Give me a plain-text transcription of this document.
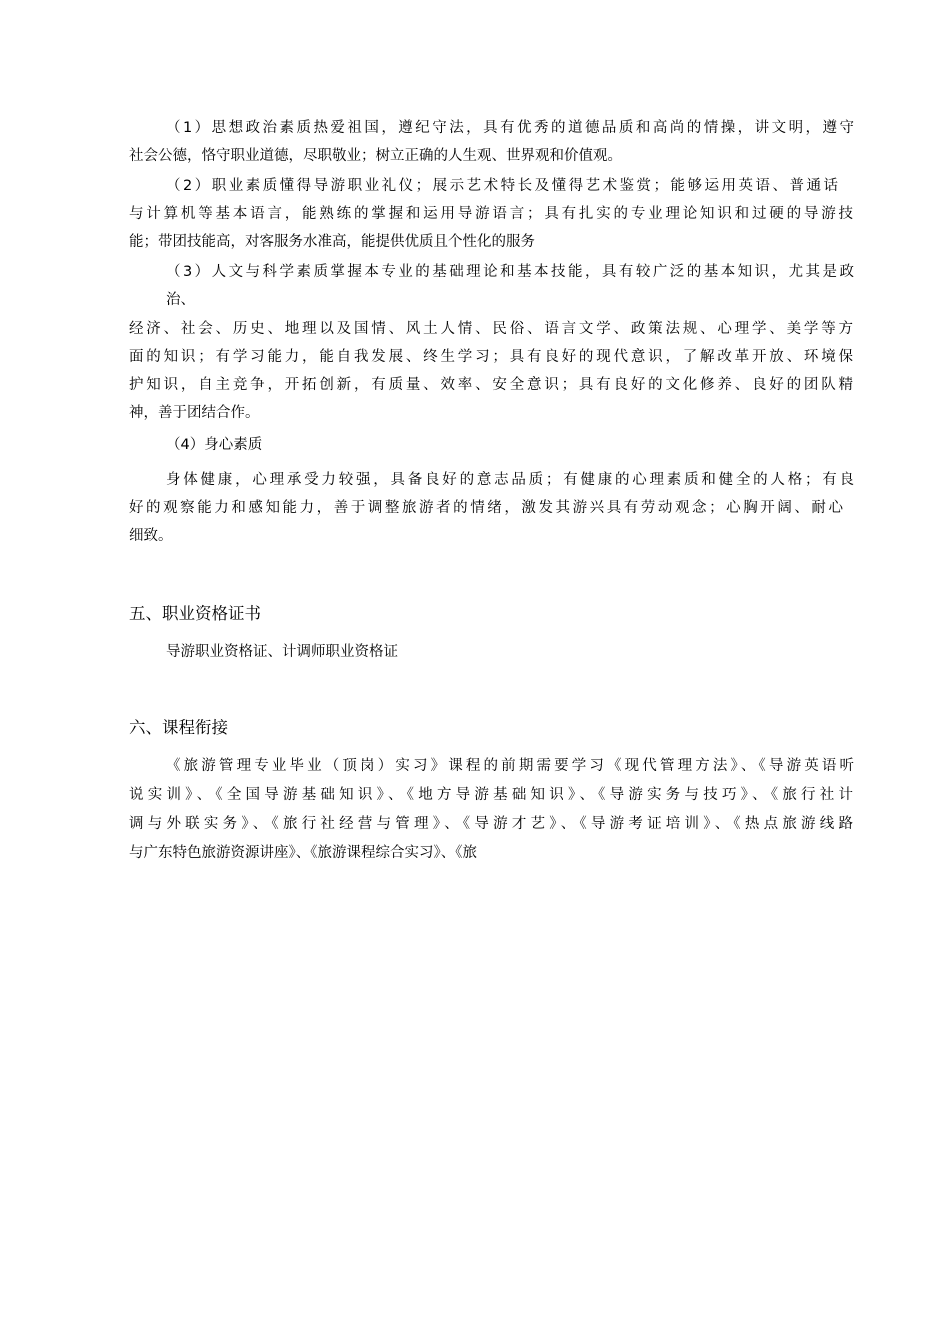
（1）思想政治素质热爱祖国，遵纪守法，具有优秀的道德品质和高尚的情操，讲文明，遵守
社会公德，恪守职业道德，尽职敬业；树立正确的人生观、世界观和价值观。
（2）职业素质懂得导游职业礼仪；展示艺术特长及懂得艺术鉴赏；能够运用英语、普通话
与计算机等基本语言，能熟练的掌握和运用导游语言；具有扎实的专业理论知识和过硬的导游技
能；带团技能高，对客服务水准高，能提供优质且个性化的服务
（3）人文与科学素质掌握本专业的基础理论和基本技能，具有较广泛的基本知识，尤其是政
治、
经济、社会、历史、地理以及国情、风土人情、民俗、语言文学、政策法规、心理学、美学等方
面的知识；有学习能力，能自我发展、终生学习；具有良好的现代意识，了解改革开放、环境保
护知识，自主竞争，开拓创新，有质量、效率、安全意识；具有良好的文化修养、良好的团队精
神，善于团结合作。
（4）身心素质
身体健康，心理承受力较强，具备良好的意志品质；有健康的心理素质和健全的人格；有良
好的观察能力和感知能力，善于调整旅游者的情绪，激发其游兴具有劳动观念；心胸开阔、耐心
细致。
五、职业资格证书
导游职业资格证、计调师职业资格证
六、课程衔接
《旅游管理专业毕业（顶岗）实习》课程的前期需要学习《现代管理方法》、《导游英语听
说实训》、《全国导游基础知识》、《地方导游基础知识》、《导游实务与技巧》、《旅行社计
调与外联实务》、《旅行社经营与管理》、《导游才艺》、《导游考证培训》、《热点旅游线路
与广东特色旅游资源讲座》、《旅游课程综合实习》、《旅
